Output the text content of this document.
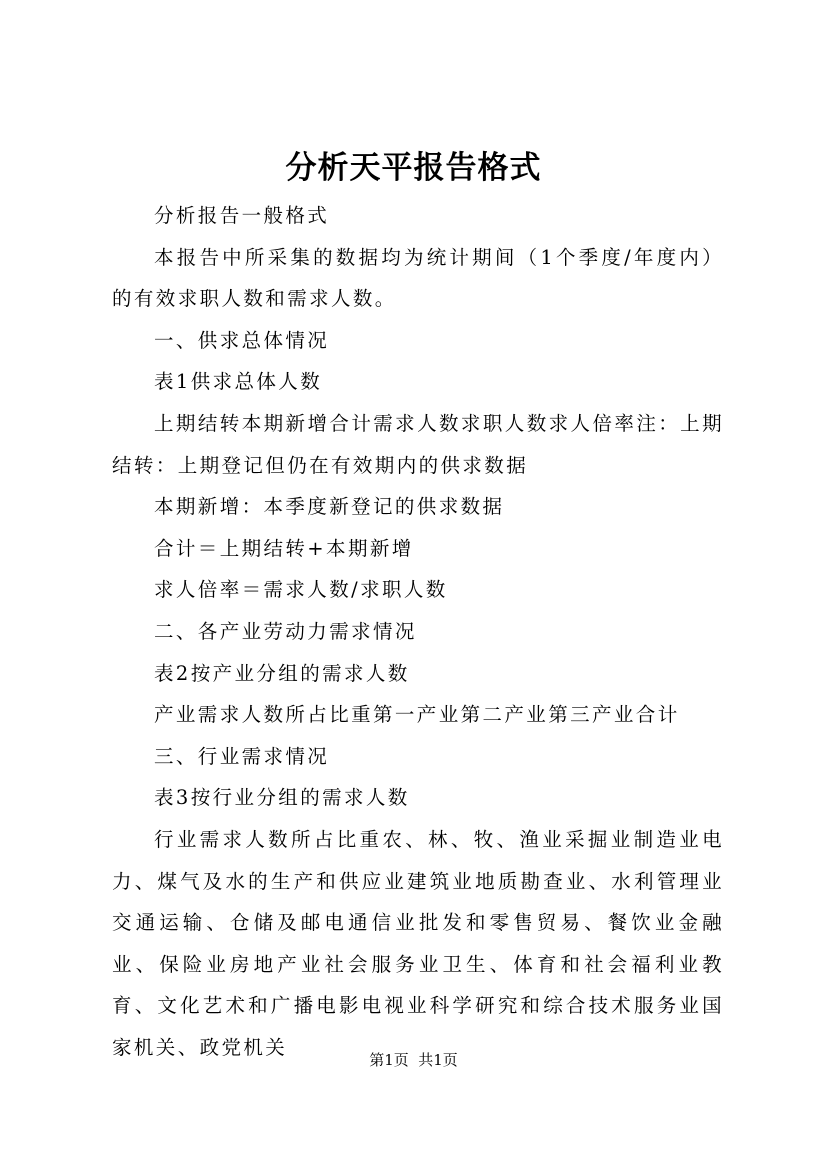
分析天平报告格式

分析报告一般格式

本报告中所采集的数据均为统计期间（1个季度/年度内）的有效求职人数和需求人数。

一、供求总体情况

表1供求总体人数

上期结转本期新增合计需求人数求职人数求人倍率注：上期结转：上期登记但仍在有效期内的供求数据

本期新增：本季度新登记的供求数据

合计＝上期结转+本期新增

求人倍率＝需求人数/求职人数

二、各产业劳动力需求情况

表2按产业分组的需求人数

产业需求人数所占比重第一产业第二产业第三产业合计

三、行业需求情况

表3按行业分组的需求人数

行业需求人数所占比重农、林、牧、渔业采掘业制造业电力、煤气及水的生产和供应业建筑业地质勘查业、水利管理业交通运输、仓储及邮电通信业批发和零售贸易、餐饮业金融业、保险业房地产业社会服务业卫生、体育和社会福利业教育、文化艺术和广播电影电视业科学研究和综合技术服务业国家机关、政党机关

第1页  共1页
